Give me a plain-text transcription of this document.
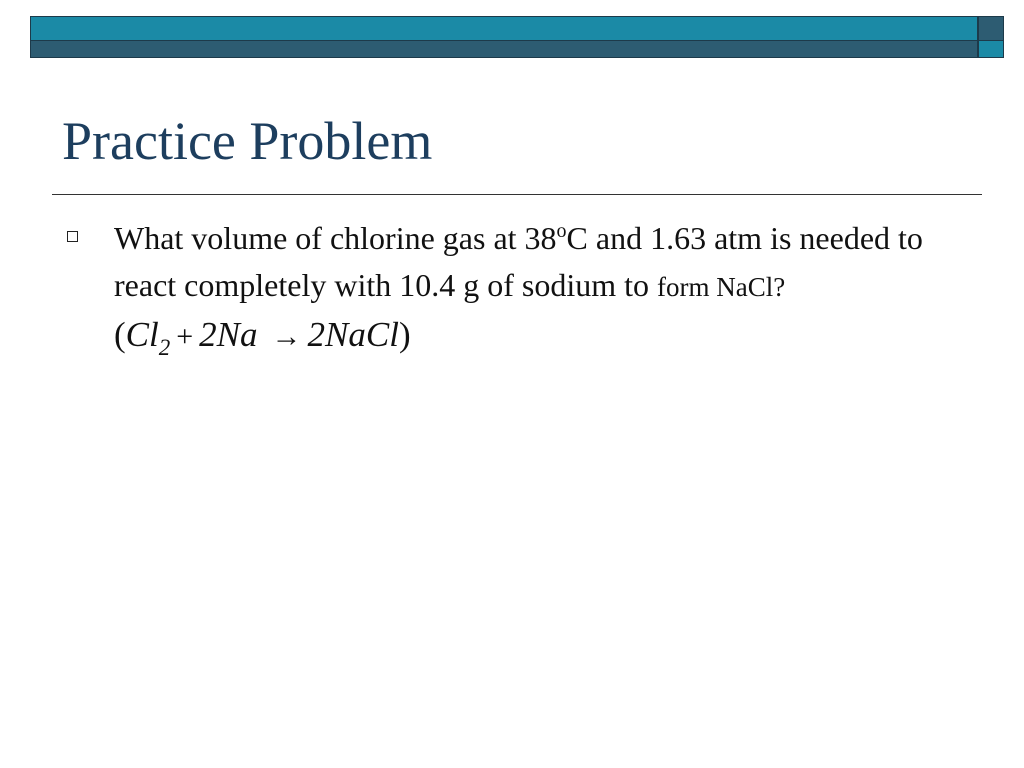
Practice Problem
What volume of chlorine gas at 38$^o$C and 1.63 atm is needed to react completely with 10.4 g of sodium to form NaCl? ($Cl_2 + 2Na$ → 2NaCl)
